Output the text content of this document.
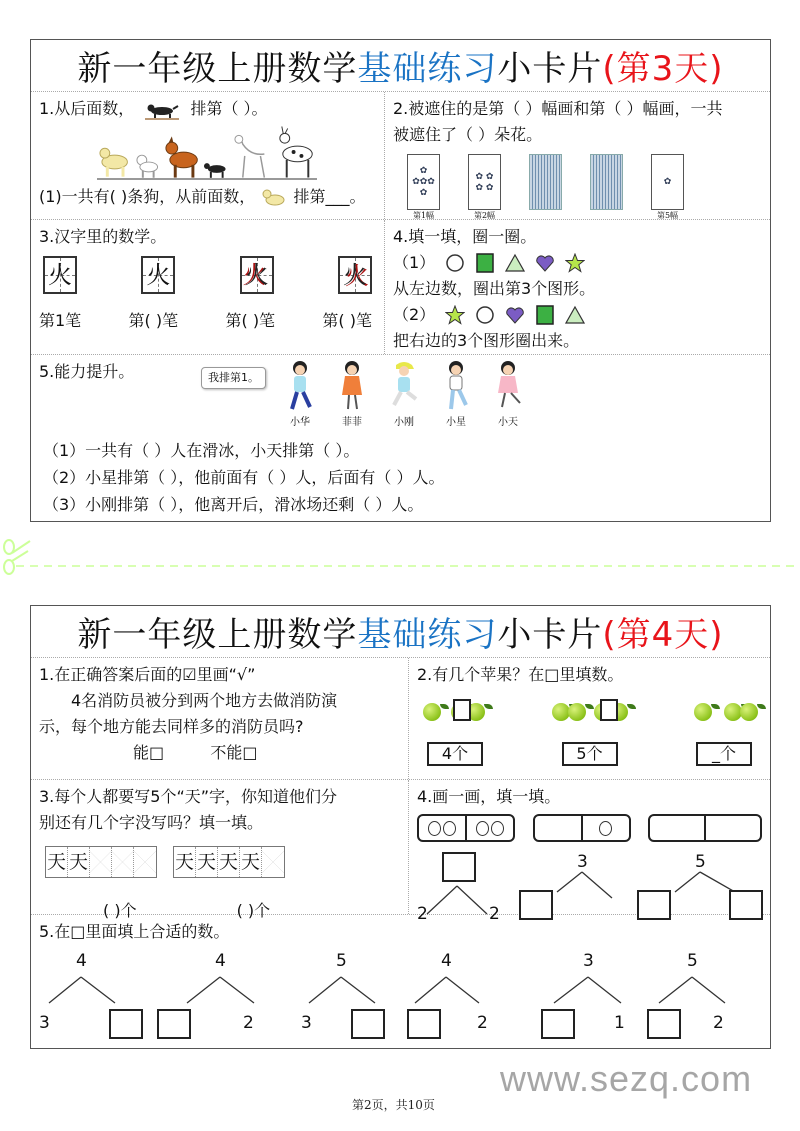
新一年级上册数学 基础练习 小卡片 (第3天)
1.从后面数，	排第（ ）。
(1)一共有( )条狗，从前面数， 排第___。
2.被遮住的是第（ ）幅画和第（ ）幅画，一共
被遮住了（ ）朵花。
✿
✿✿✿
✿
第1幅
✿ ✿
✿ ✿
第2幅
✿
第5幅
3.汉字里的数学。
火	火	火	火
第1笔	第( )笔	第( )笔	第( )笔
4.填一填，圈一圈。
（1）
从左边数，圈出第3个图形。
（2）
把右边的3个图形圈出来。
5.能力提升。	我排第1。
小华	菲菲	小刚	小星	小天
（1）一共有（ ）人在滑冰，小天排第（ ）。
（2）小星排第（ ），他前面有（ ）人，后面有（ ）人。
（3）小刚排第（ ），他离开后，滑冰场还剩（ ）人。
新一年级上册数学 基础练习 小卡片 (第4天)
1.在正确答案后面的☑里画“√”
4名消防员被分到两个地方去做消防演
示，每个地方能去同样多的消防员吗?
能□	不能□
2.有几个苹果？在□里填数。
4个	5个	_个
3.每个人都要写5个“天”字，你知道他们分
别还有几个字没写吗？填一填。
天 天	天 天 天 天
( )个	( )个
4.画一画，填一填。
2	2
3	5
5.在□里面填上合适的数。
4
3
4
2
5
3
4
2
3
1
5
2
www.sezq.com
第2页，共10页
